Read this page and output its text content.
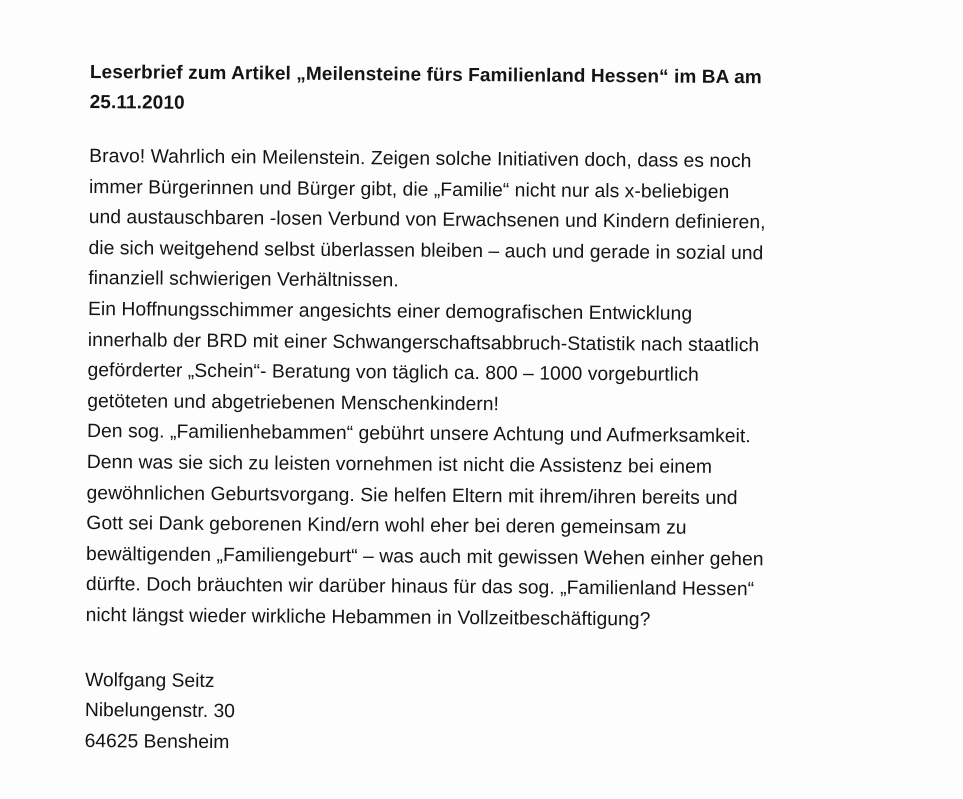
Leserbrief zum Artikel „Meilensteine fürs Familienland Hessen“ im BA am
25.11.2010
Bravo! Wahrlich ein Meilenstein. Zeigen solche Initiativen doch, dass es noch
immer Bürgerinnen und Bürger gibt, die „Familie“ nicht nur als x-beliebigen
und austauschbaren -losen Verbund von Erwachsenen und Kindern definieren,
die sich weitgehend selbst überlassen bleiben – auch und gerade in sozial und
finanziell schwierigen Verhältnissen.
Ein Hoffnungsschimmer angesichts einer demografischen Entwicklung
innerhalb der BRD mit einer Schwangerschaftsabbruch-Statistik nach staatlich
geförderter „Schein“- Beratung von täglich ca. 800 – 1000 vorgeburtlich
getöteten und abgetriebenen Menschenkindern!
Den sog. „Familienhebammen“ gebührt unsere Achtung und Aufmerksamkeit.
Denn was sie sich zu leisten vornehmen ist nicht die Assistenz bei einem
gewöhnlichen Geburtsvorgang. Sie helfen Eltern mit ihrem/ihren bereits und
Gott sei Dank geborenen Kind/ern wohl eher bei deren gemeinsam zu
bewältigenden „Familiengeburt“ – was auch mit gewissen Wehen einher gehen
dürfte. Doch bräuchten wir darüber hinaus für das sog. „Familienland Hessen“
nicht längst wieder wirkliche Hebammen in Vollzeitbeschäftigung?
Wolfgang Seitz
Nibelungenstr. 30
64625 Bensheim
